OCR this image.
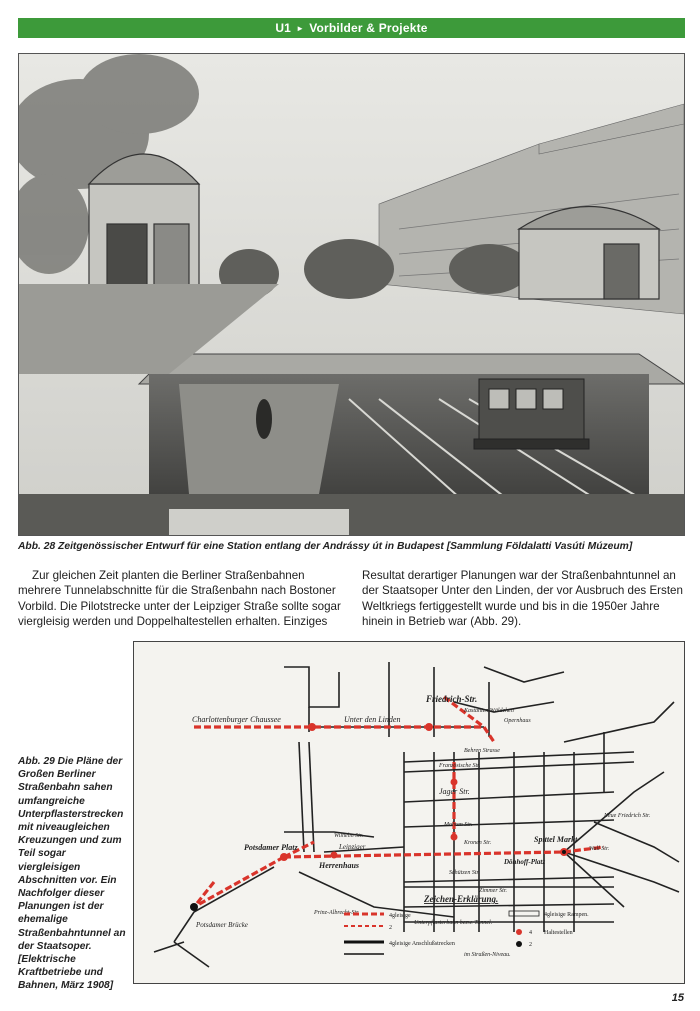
U1 ► Vorbilder & Projekte
Abb. 28 Zeitgenössischer Entwurf für eine Station entlang der Andrássy út in Budapest [Sammlung Földalatti Vasúti Múzeum]
Zur gleichen Zeit planten die Berliner Straßenbahnen mehrere Tunnelabschnitte für die Straßenbahn nach Bostoner Vorbild. Die Pilotstrecke unter der Leipziger Straße sollte sogar viergleisig werden und Doppelhaltestellen erhalten. Einziges
Resultat derartiger Planungen war der Straßenbahntunnel an der Staatsoper Unter den Linden, der vor Ausbruch des Ersten Weltkriegs fertiggestellt wurde und bis in die 1950er Jahre hinein in Betrieb war (Abb. 29).
Abb. 29 Die Pläne der Großen Berliner Straßenbahn sahen umfangreiche Unterpflasterstrecken mit niveaugleichen Kreuzungen und zum Teil sogar viergleisigen Abschnitten vor. Ein Nachfolger dieser Planungen ist der ehemalige Straßenbahntunnel an der Staatsoper. [Elektrische Kraftbetriebe und Bahnen, März 1908]
Charlottenburger Chaussee	Unter den Linden
Friedrich-Str.
Opernhaus
Kastanien Wäldchen
Behren Strasse
Französische Str.
Jager Str.
Mohren Str.
Kronen Str.
Wilhelm Str.
Leipziger
Potsdamer Platz
Herrenhaus
Schützen Str.
Zimmer Str.
Prinz-Albrecht-Str.
Potsdamer Brücke
Spittel Markt
Dönhoff-Platz
Wall Str.
Neue Friedrich Str.
Zeichen-Erklärung.
4gleisige
2
Unterpflasterbahn bezw. Tunnel.
4gleisige Anschlußstrecken
im Straßen-Niveau.
4gleisige Rampen.
Haltestellen
4
2
15
